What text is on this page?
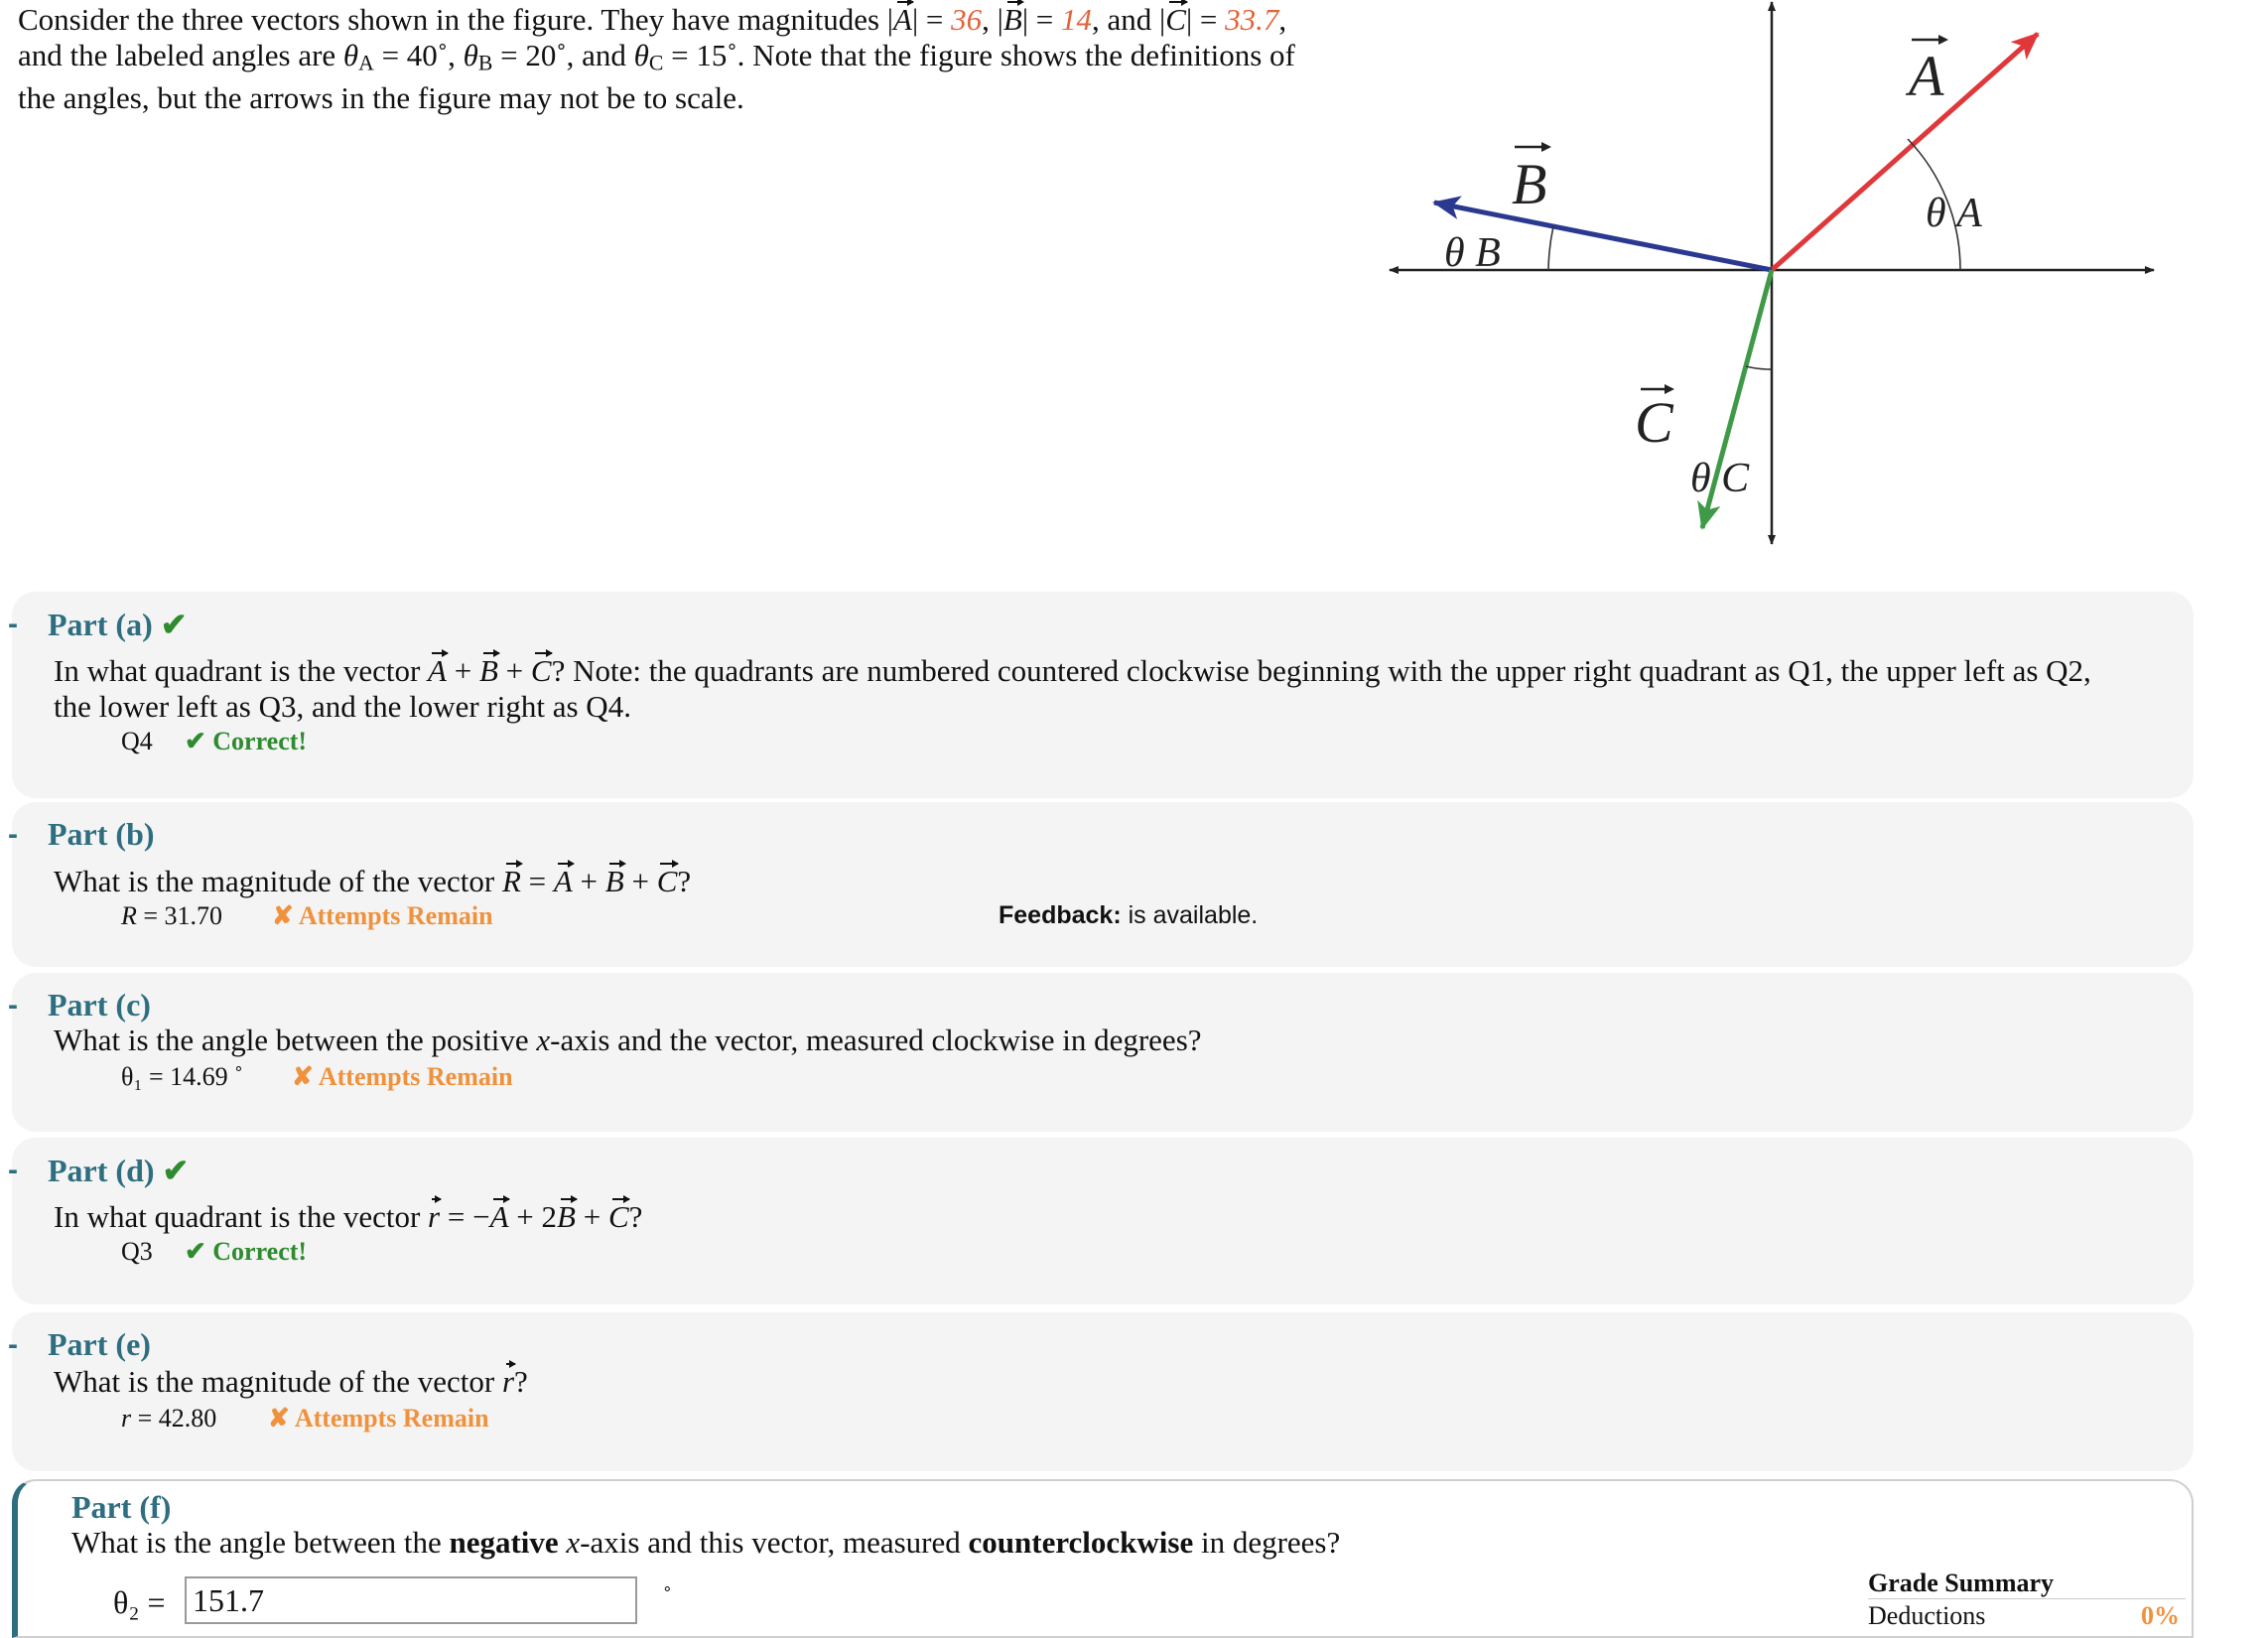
Consider the three vectors shown in the figure. They have magnitudes |A| = 36, |B| = 14, and |C| = 33.7, and the labeled angles are $\theta_A$ = 40˚, $\theta_B$ = 20˚, and $\theta_C$ = 15˚. Note that the figure shows the definitions of the angles, but the arrows in the figure may not be to scale.	A
B
C
θ A
θ B
θ C
- Part (a) ✔
In what quadrant is the vector A + B + C? Note: the quadrants are numbered countered clockwise beginning with the upper right quadrant as Q1, the upper left as Q2,
the lower left as Q3, and the lower right as Q4.
Q4 ✔ Correct!
- Part (b)
What is the magnitude of the vector R = A + B + C?
R = 31.70 ✘ Attempts Remain	Feedback: is available.
- Part (c)
What is the angle between the positive x-axis and the vector, measured clockwise in degrees?
θ₁ = 14.69 ˚ ✘ Attempts Remain
- Part (d) ✔
In what quadrant is the vector r = −A + 2B + C?
Q3 ✔ Correct!
- Part (e)
What is the magnitude of the vector r?
r = 42.80 ✘ Attempts Remain
Part (f)
What is the angle between the negative x-axis and this vector, measured counterclockwise in degrees?
θ₂ =
151.7	˚	Grade Summary
Deductions	0%
